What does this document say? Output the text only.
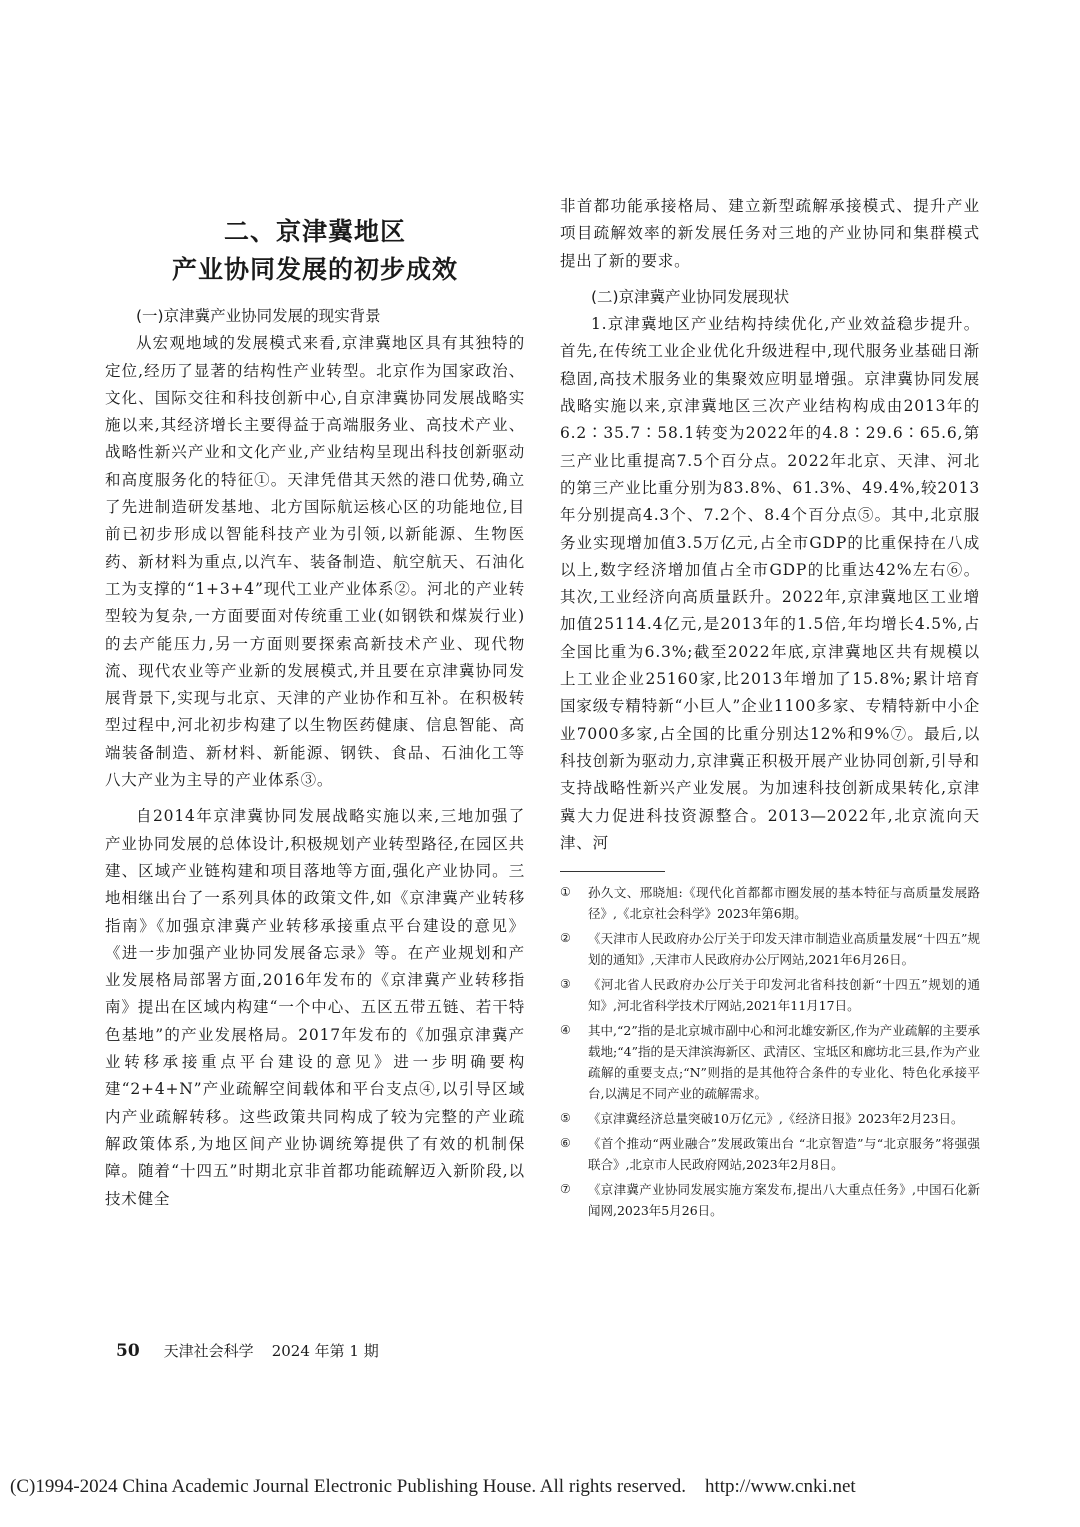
二、京津冀地区
产业协同发展的初步成效

(一)京津冀产业协同发展的现实背景

从宏观地域的发展模式来看,京津冀地区具有其独特的定位,经历了显著的结构性产业转型。北京作为国家政治、文化、国际交往和科技创新中心,自京津冀协同发展战略实施以来,其经济增长主要得益于高端服务业、高技术产业、战略性新兴产业和文化产业,产业结构呈现出科技创新驱动和高度服务化的特征①。天津凭借其天然的港口优势,确立了先进制造研发基地、北方国际航运核心区的功能地位,目前已初步形成以智能科技产业为引领,以新能源、生物医药、新材料为重点,以汽车、装备制造、航空航天、石油化工为支撑的“1+3+4”现代工业产业体系②。河北的产业转型较为复杂,一方面要面对传统重工业(如钢铁和煤炭行业)的去产能压力,另一方面则要探索高新技术产业、现代物流、现代农业等产业新的发展模式,并且要在京津冀协同发展背景下,实现与北京、天津的产业协作和互补。在积极转型过程中,河北初步构建了以生物医药健康、信息智能、高端装备制造、新材料、新能源、钢铁、食品、石油化工等八大产业为主导的产业体系③。

自2014年京津冀协同发展战略实施以来,三地加强了产业协同发展的总体设计,积极规划产业转型路径,在园区共建、区域产业链构建和项目落地等方面,强化产业协同。三地相继出台了一系列具体的政策文件,如《京津冀产业转移指南》《加强京津冀产业转移承接重点平台建设的意见》《进一步加强产业协同发展备忘录》等。在产业规划和产业发展格局部署方面,2016年发布的《京津冀产业转移指南》提出在区域内构建“一个中心、五区五带五链、若干特色基地”的产业发展格局。2017年发布的《加强京津冀产业转移承接重点平台建设的意见》进一步明确要构建“2+4+N”产业疏解空间载体和平台支点④,以引导区域内产业疏解转移。这些政策共同构成了较为完整的产业疏解政策体系,为地区间产业协调统筹提供了有效的机制保障。随着“十四五”时期北京非首都功能疏解迈入新阶段,以技术健全

非首都功能承接格局、建立新型疏解承接模式、提升产业项目疏解效率的新发展任务对三地的产业协同和集群模式提出了新的要求。

(二)京津冀产业协同发展现状

1.京津冀地区产业结构持续优化,产业效益稳步提升。首先,在传统工业企业优化升级进程中,现代服务业基础日渐稳固,高技术服务业的集聚效应明显增强。京津冀协同发展战略实施以来,京津冀地区三次产业结构构成由2013年的6.2∶35.7∶58.1转变为2022年的4.8∶29.6∶65.6,第三产业比重提高7.5个百分点。2022年北京、天津、河北的第三产业比重分别为83.8%、61.3%、49.4%,较2013年分别提高4.3个、7.2个、8.4个百分点⑤。其中,北京服务业实现增加值3.5万亿元,占全市GDP的比重保持在八成以上,数字经济增加值占全市GDP的比重达42%左右⑥。其次,工业经济向高质量跃升。2022年,京津冀地区工业增加值25114.4亿元,是2013年的1.5倍,年均增长4.5%,占全国比重为6.3%;截至2022年底,京津冀地区共有规模以上工业企业25160家,比2013年增加了15.8%;累计培育国家级专精特新“小巨人”企业1100多家、专精特新中小企业7000多家,占全国的比重分别达12%和9%⑦。最后,以科技创新为驱动力,京津冀正积极开展产业协同创新,引导和支持战略性新兴产业发展。为加速科技创新成果转化,京津冀大力促进科技资源整合。2013—2022年,北京流向天津、河

①	孙久文、邢晓旭:《现代化首都都市圈发展的基本特征与高质量发展路径》,《北京社会科学》2023年第6期。
②	《天津市人民政府办公厅关于印发天津市制造业高质量发展“十四五”规划的通知》,天津市人民政府办公厅网站,2021年6月26日。
③	《河北省人民政府办公厅关于印发河北省科技创新“十四五”规划的通知》,河北省科学技术厅网站,2021年11月17日。
④	其中,“2”指的是北京城市副中心和河北雄安新区,作为产业疏解的主要承载地;“4”指的是天津滨海新区、武清区、宝坻区和廊坊北三县,作为产业疏解的重要支点;“N”则指的是其他符合条件的专业化、特色化承接平台,以满足不同产业的疏解需求。
⑤	《京津冀经济总量突破10万亿元》,《经济日报》2023年2月23日。
⑥	《首个推动“两业融合”发展政策出台 “北京智造”与“北京服务”将强强联合》,北京市人民政府网站,2023年2月8日。
⑦	《京津冀产业协同发展实施方案发布,提出八大重点任务》,中国石化新闻网,2023年5月26日。
50 天津社会科学 2024 年第 1 期
(C)1994-2024 China Academic Journal Electronic Publishing House. All rights reserved.    http://www.cnki.net
